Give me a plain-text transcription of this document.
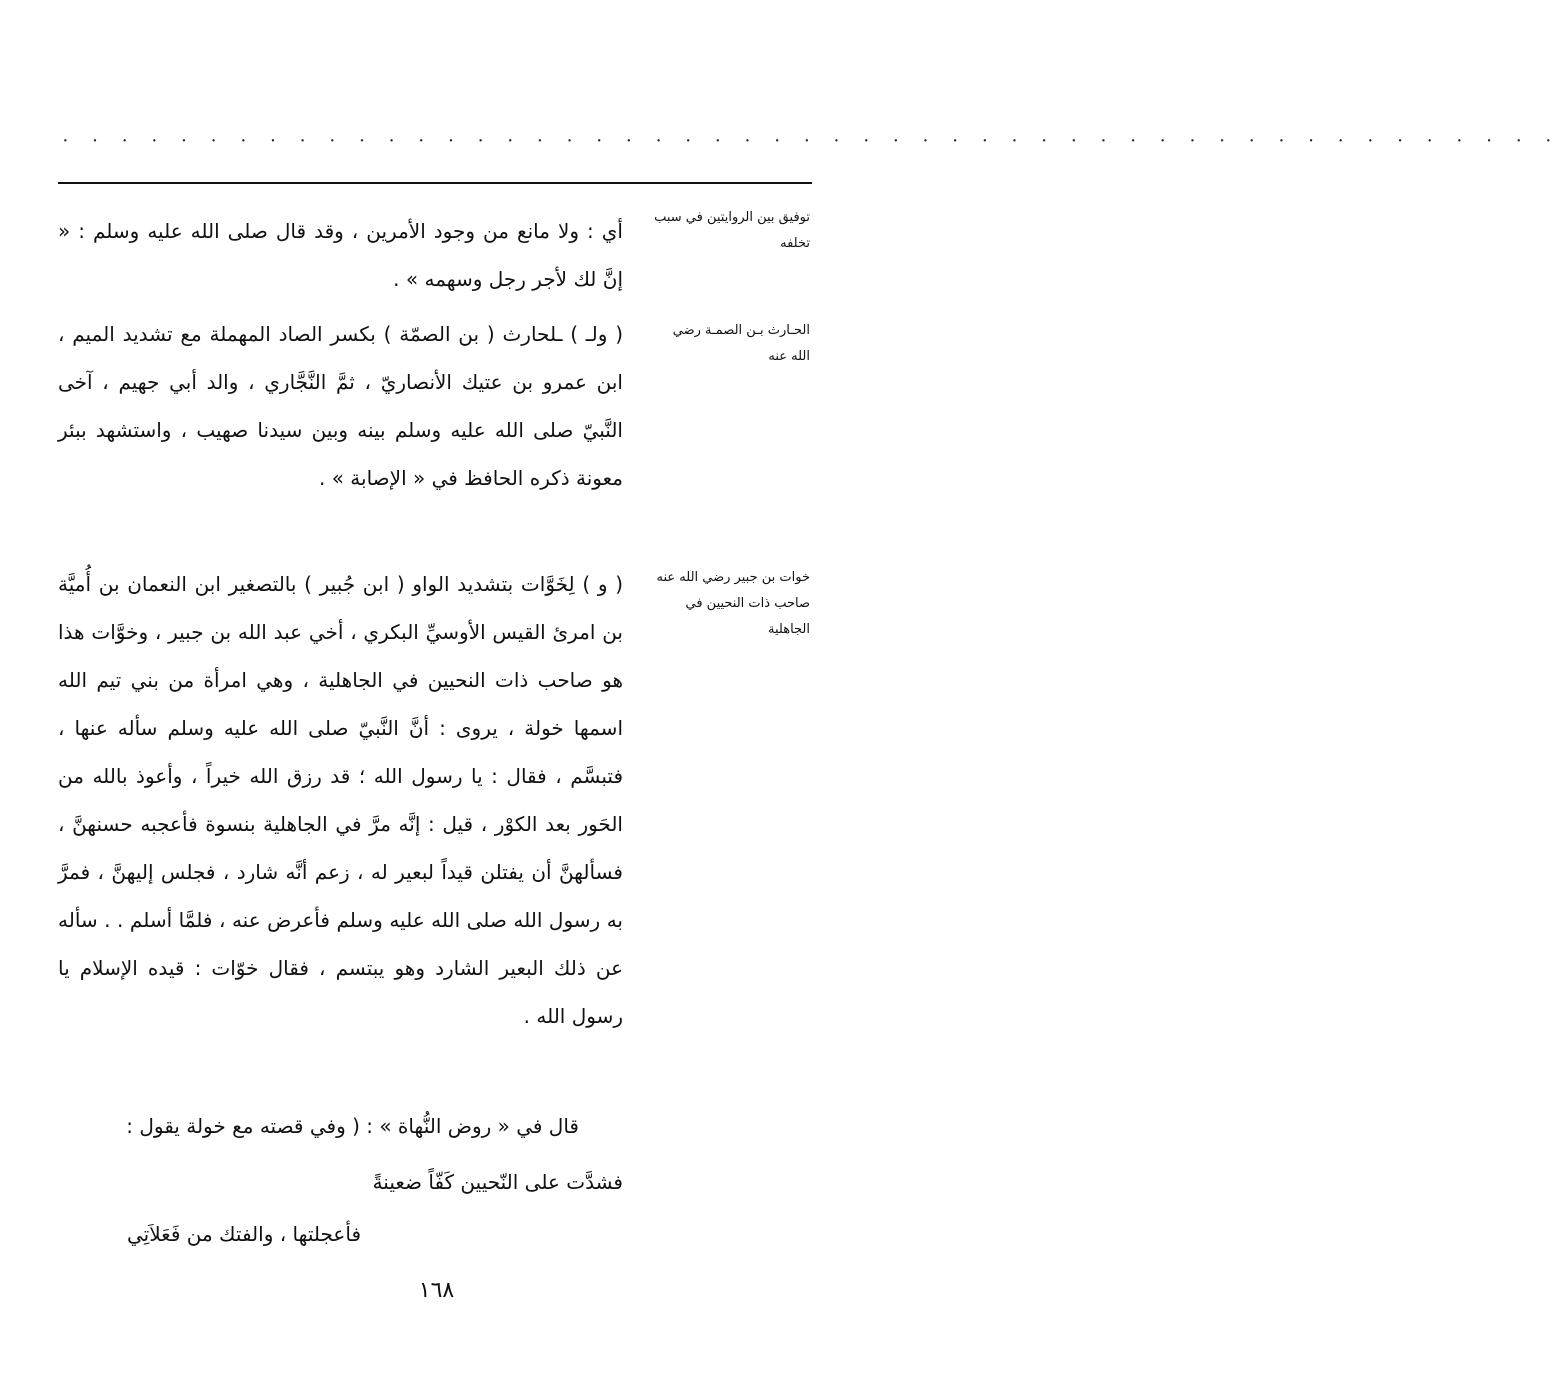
· · · · · · · · · · · · · · · · · · · · · · · · · · · · · · · · · · · · · · · · · · · · · · · · · · ·
توفيق بين الروايتين في سبب تخلفه
الحـارث بـن الصمـة رضي الله عنه
خوات بن جبير رضي الله عنه صاحب ذات النحيين في الجاهلية

أي : ولا مانع من وجود الأمرين ، وقد قال صلى الله عليه وسلم : « إنَّ لك لأجر رجل وسهمه » .

( ولـ ) ـلحارث ( بن الصمّة ) بكسر الصاد المهملة مع تشديد الميم ، ابن عمرو بن عتيك الأنصاريّ ، ثمَّ النَّجَّاري ، والد أبي جهيم ، آخى النَّبيّ صلى الله عليه وسلم بينه وبين سيدنا صهيب ، واستشهد ببئر معونة ذكره الحافظ في « الإصابة » .

( و ) لِخَوَّات بتشديد الواو ( ابن جُبير ) بالتصغير ابن النعمان بن أُميَّة بن امرئ القيس الأوسيِّ البكري ، أخي عبد الله بن جبير ، وخوَّات هذا هو صاحب ذات النحيين في الجاهلية ، وهي امرأة من بني تيم الله اسمها خولة ، يروى : أنَّ النَّبيّ صلى الله عليه وسلم سأله عنها ، فتبسَّم ، فقال : يا رسول الله ؛ قد رزق الله خيراً ، وأعوذ بالله من الحَور بعد الكوْر ، قيل : إنَّه مرَّ في الجاهلية بنسوة فأعجبه حسنهنَّ ، فسألهنَّ أن يفتلن قيداً لبعير له ، زعم أنَّه شارد ، فجلس إليهنَّ ، فمرَّ به رسول الله صلى الله عليه وسلم فأعرض عنه ، فلمَّا أسلم . . سأله عن ذلك البعير الشارد وهو يبتسم ، فقال خوّات : قيده الإسلام يا رسول الله .

قال في « روض النُّهاة » : ( وفي قصته مع خولة يقول :
فشدَّت على النّحيين كَفّاً ضعينةً
فأعجلتها ، والفتك من فَعَلاَتِي
١٦٨
